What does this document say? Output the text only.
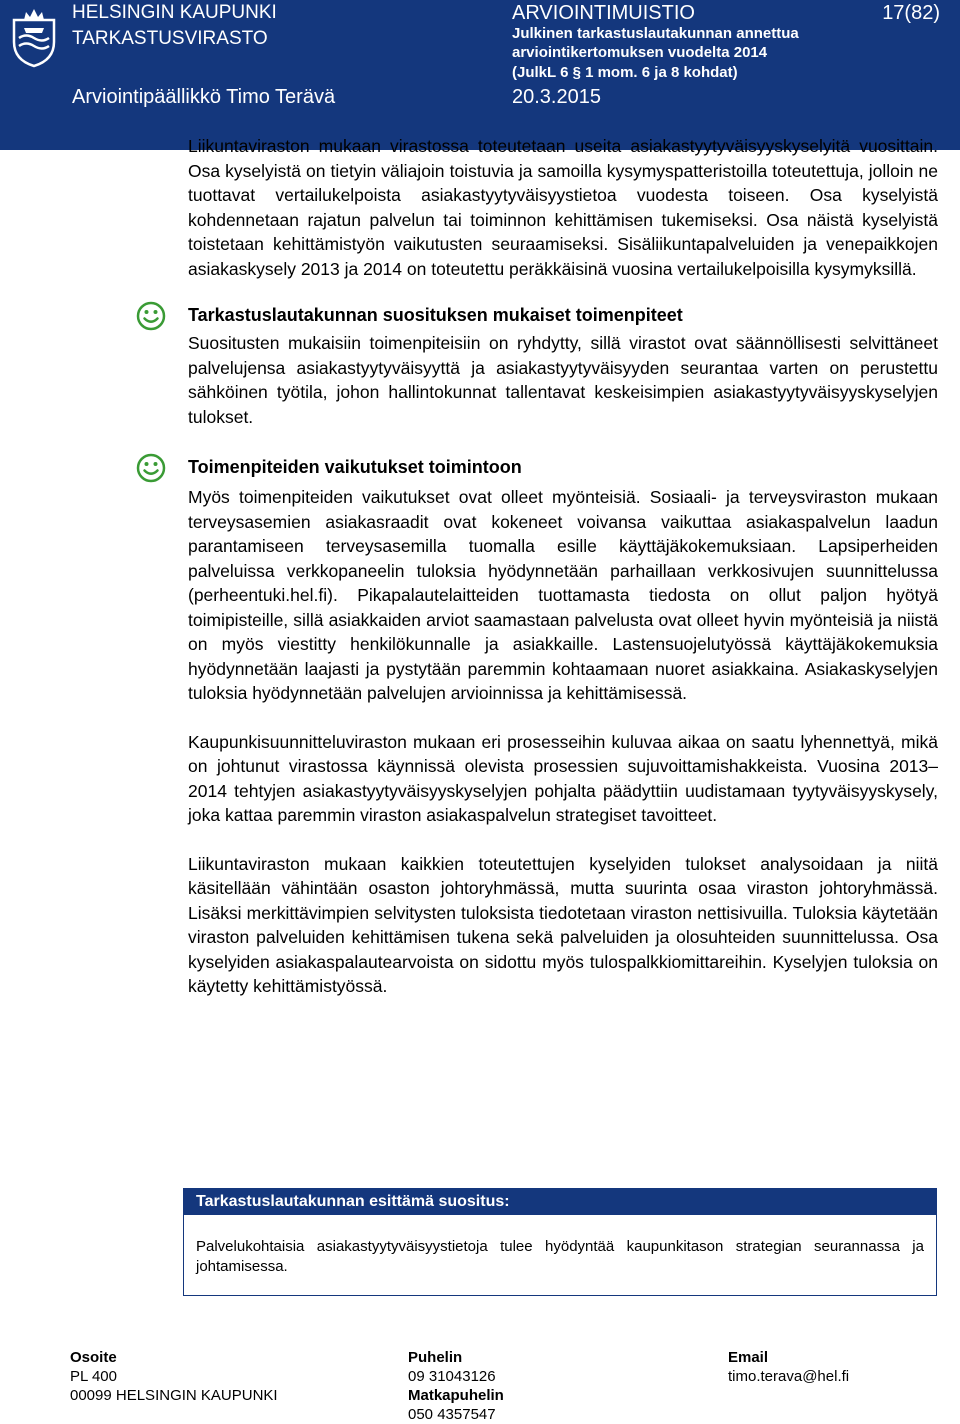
HELSINGIN KAUPUNKI
TARKASTUSVIRASTO
Arviointipäällikkö Timo Terävä
ARVIOINTIMUISTIO
Julkinen tarkastuslautakunnan annettua
arviointikertomuksen vuodelta 2014
(JulkL 6 § 1 mom. 6 ja 8 kohdat)
20.3.2015
17(82)

Liikuntaviraston mukaan virastossa toteutetaan useita asiakastyytyväisyyskyselyitä vuosittain. Osa kyselyistä on tietyin väliajoin toistuvia ja samoilla kysymyspatteristoilla toteutettuja, jolloin ne tuottavat vertailukelpoista asiakastyytyväisyystietoa vuodesta toiseen. Osa kyselyistä kohdennetaan rajatun palvelun tai toiminnon kehittämisen tukemiseksi. Osa näistä kyselyistä toistetaan kehittämistyön vaikutusten seuraamiseksi. Sisäliikuntapalveluiden ja venepaikkojen asiakaskysely 2013 ja 2014 on toteutettu peräkkäisinä vuosina vertailukelpoisilla kysymyksillä.

Tarkastuslautakunnan suosituksen mukaiset toimenpiteet

Suositusten mukaisiin toimenpiteisiin on ryhdytty, sillä virastot ovat säännöllisesti selvittäneet palvelujensa asiakastyytyväisyyttä ja asiakastyytyväisyyden seurantaa varten on perustettu sähköinen työtila, johon hallintokunnat tallentavat keskeisimpien asiakastyytyväisyyskyselyjen tulokset.

Toimenpiteiden vaikutukset toimintoon

Myös toimenpiteiden vaikutukset ovat olleet myönteisiä. Sosiaali- ja terveysviraston mukaan terveysasemien asiakasraadit ovat kokeneet voivansa vaikuttaa asiakaspalvelun laadun parantamiseen terveysasemilla tuomalla esille käyttäjäkokemuksiaan. Lapsiperheiden palveluissa verkkopaneelin tuloksia hyödynnetään parhaillaan verkkosivujen suunnittelussa (perheentuki.hel.fi). Pikapalautelaitteiden tuottamasta tiedosta on ollut paljon hyötyä toimipisteille, sillä asiakkaiden arviot saamastaan palvelusta ovat olleet hyvin myönteisiä ja niistä on myös viestitty henkilökunnalle ja asiakkaille. Lastensuojelutyössä käyttäjäkokemuksia hyödynnetään laajasti ja pystytään paremmin kohtaamaan nuoret asiakkaina. Asiakaskyselyjen tuloksia hyödynnetään palvelujen arvioinnissa ja kehittämisessä.

Kaupunkisuunnitteluviraston mukaan eri prosesseihin kuluvaa aikaa on saatu lyhennettyä, mikä on johtunut virastossa käynnissä olevista prosessien sujuvoittamishakkeista. Vuosina 2013–2014 tehtyjen asiakastyytyväisyyskyselyjen pohjalta päädyttiin uudistamaan tyytyväisyyskysely, joka kattaa paremmin viraston asiakaspalvelun strategiset tavoitteet.

Liikuntaviraston mukaan kaikkien toteutettujen kyselyiden tulokset analysoidaan ja niitä käsitellään vähintään osaston johtoryhmässä, mutta suurinta osaa viraston johtoryhmässä. Lisäksi merkittävimpien selvitysten tuloksista tiedotetaan viraston nettisivuilla. Tuloksia käytetään viraston palveluiden kehittämisen tukena sekä palveluiden ja olosuhteiden suunnittelussa. Osa kyselyiden asiakaspalautearvoista on sidottu myös tulospalkkiomittareihin. Kyselyjen tuloksia on käytetty kehittämistyössä.

Tarkastuslautakunnan esittämä suositus:
Palvelukohtaisia asiakastyytyväisyystietoja tulee hyödyntää kaupunkitason strategian seurannassa ja johtamisessa.
Osoite
PL 400
00099 HELSINGIN KAUPUNKI
Puhelin
09 31043126
Matkapuhelin
050 4357547
Email
timo.terava@hel.fi
